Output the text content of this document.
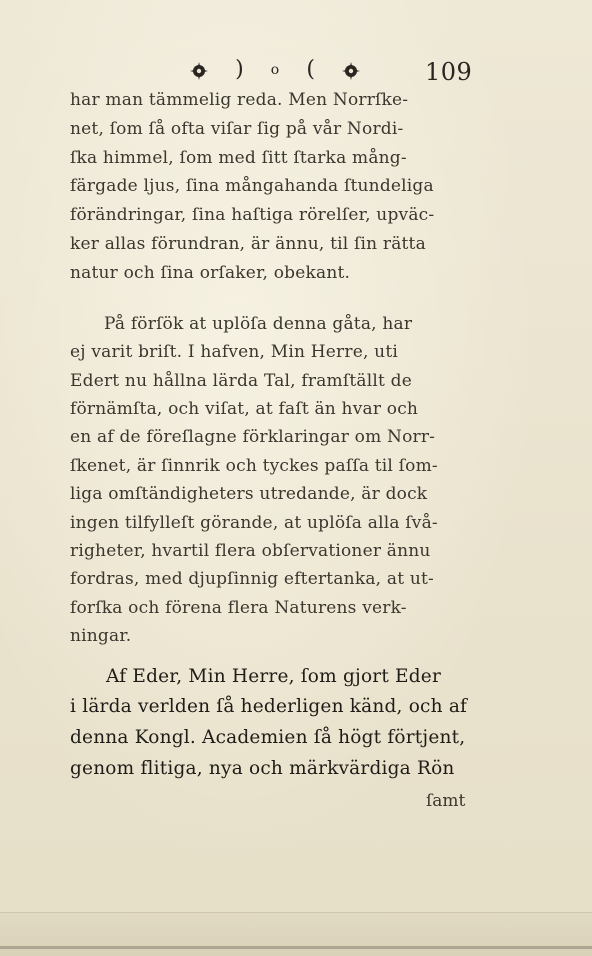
) o (	109
har man tämmelig reda. Men Norrſke-
net, ſom ſå ofta viſar ſig på vår Nordi-
ſka himmel, ſom med ſitt ſtarka mång-
färgade ljus, ſina mångahanda ſtundeliga
förändringar, ſina haſtiga rörelſer, upväc-
ker allas förundran, är ännu, til ſin rätta
natur och ſina orſaker, obekant.
På förſök at uplöſa denna gåta, har
ej varit briſt. I hafven, Min Herre, uti
Edert nu hållna lärda Tal, framſtällt de
förnämſta, och viſat, at faſt än hvar och
en af de föreſlagne förklaringar om Norr-
ſkenet, är ſinnrik och tyckes paſſa til ſom-
liga omſtändigheters utredande, är dock
ingen tilfylleſt görande, at uplöſa alla ſvå-
righeter, hvartil flera obſervationer ännu
fordras, med djupſinnig eftertanka, at ut-
forſka och förena flera Naturens verk-
ningar.
Af Eder, Min Herre, ſom gjort Eder
i lärda verlden ſå hederligen känd, och af
denna Kongl. Academien ſå högt förtjent,
genom flitiga, nya och märkvärdiga Rön
ſamt
